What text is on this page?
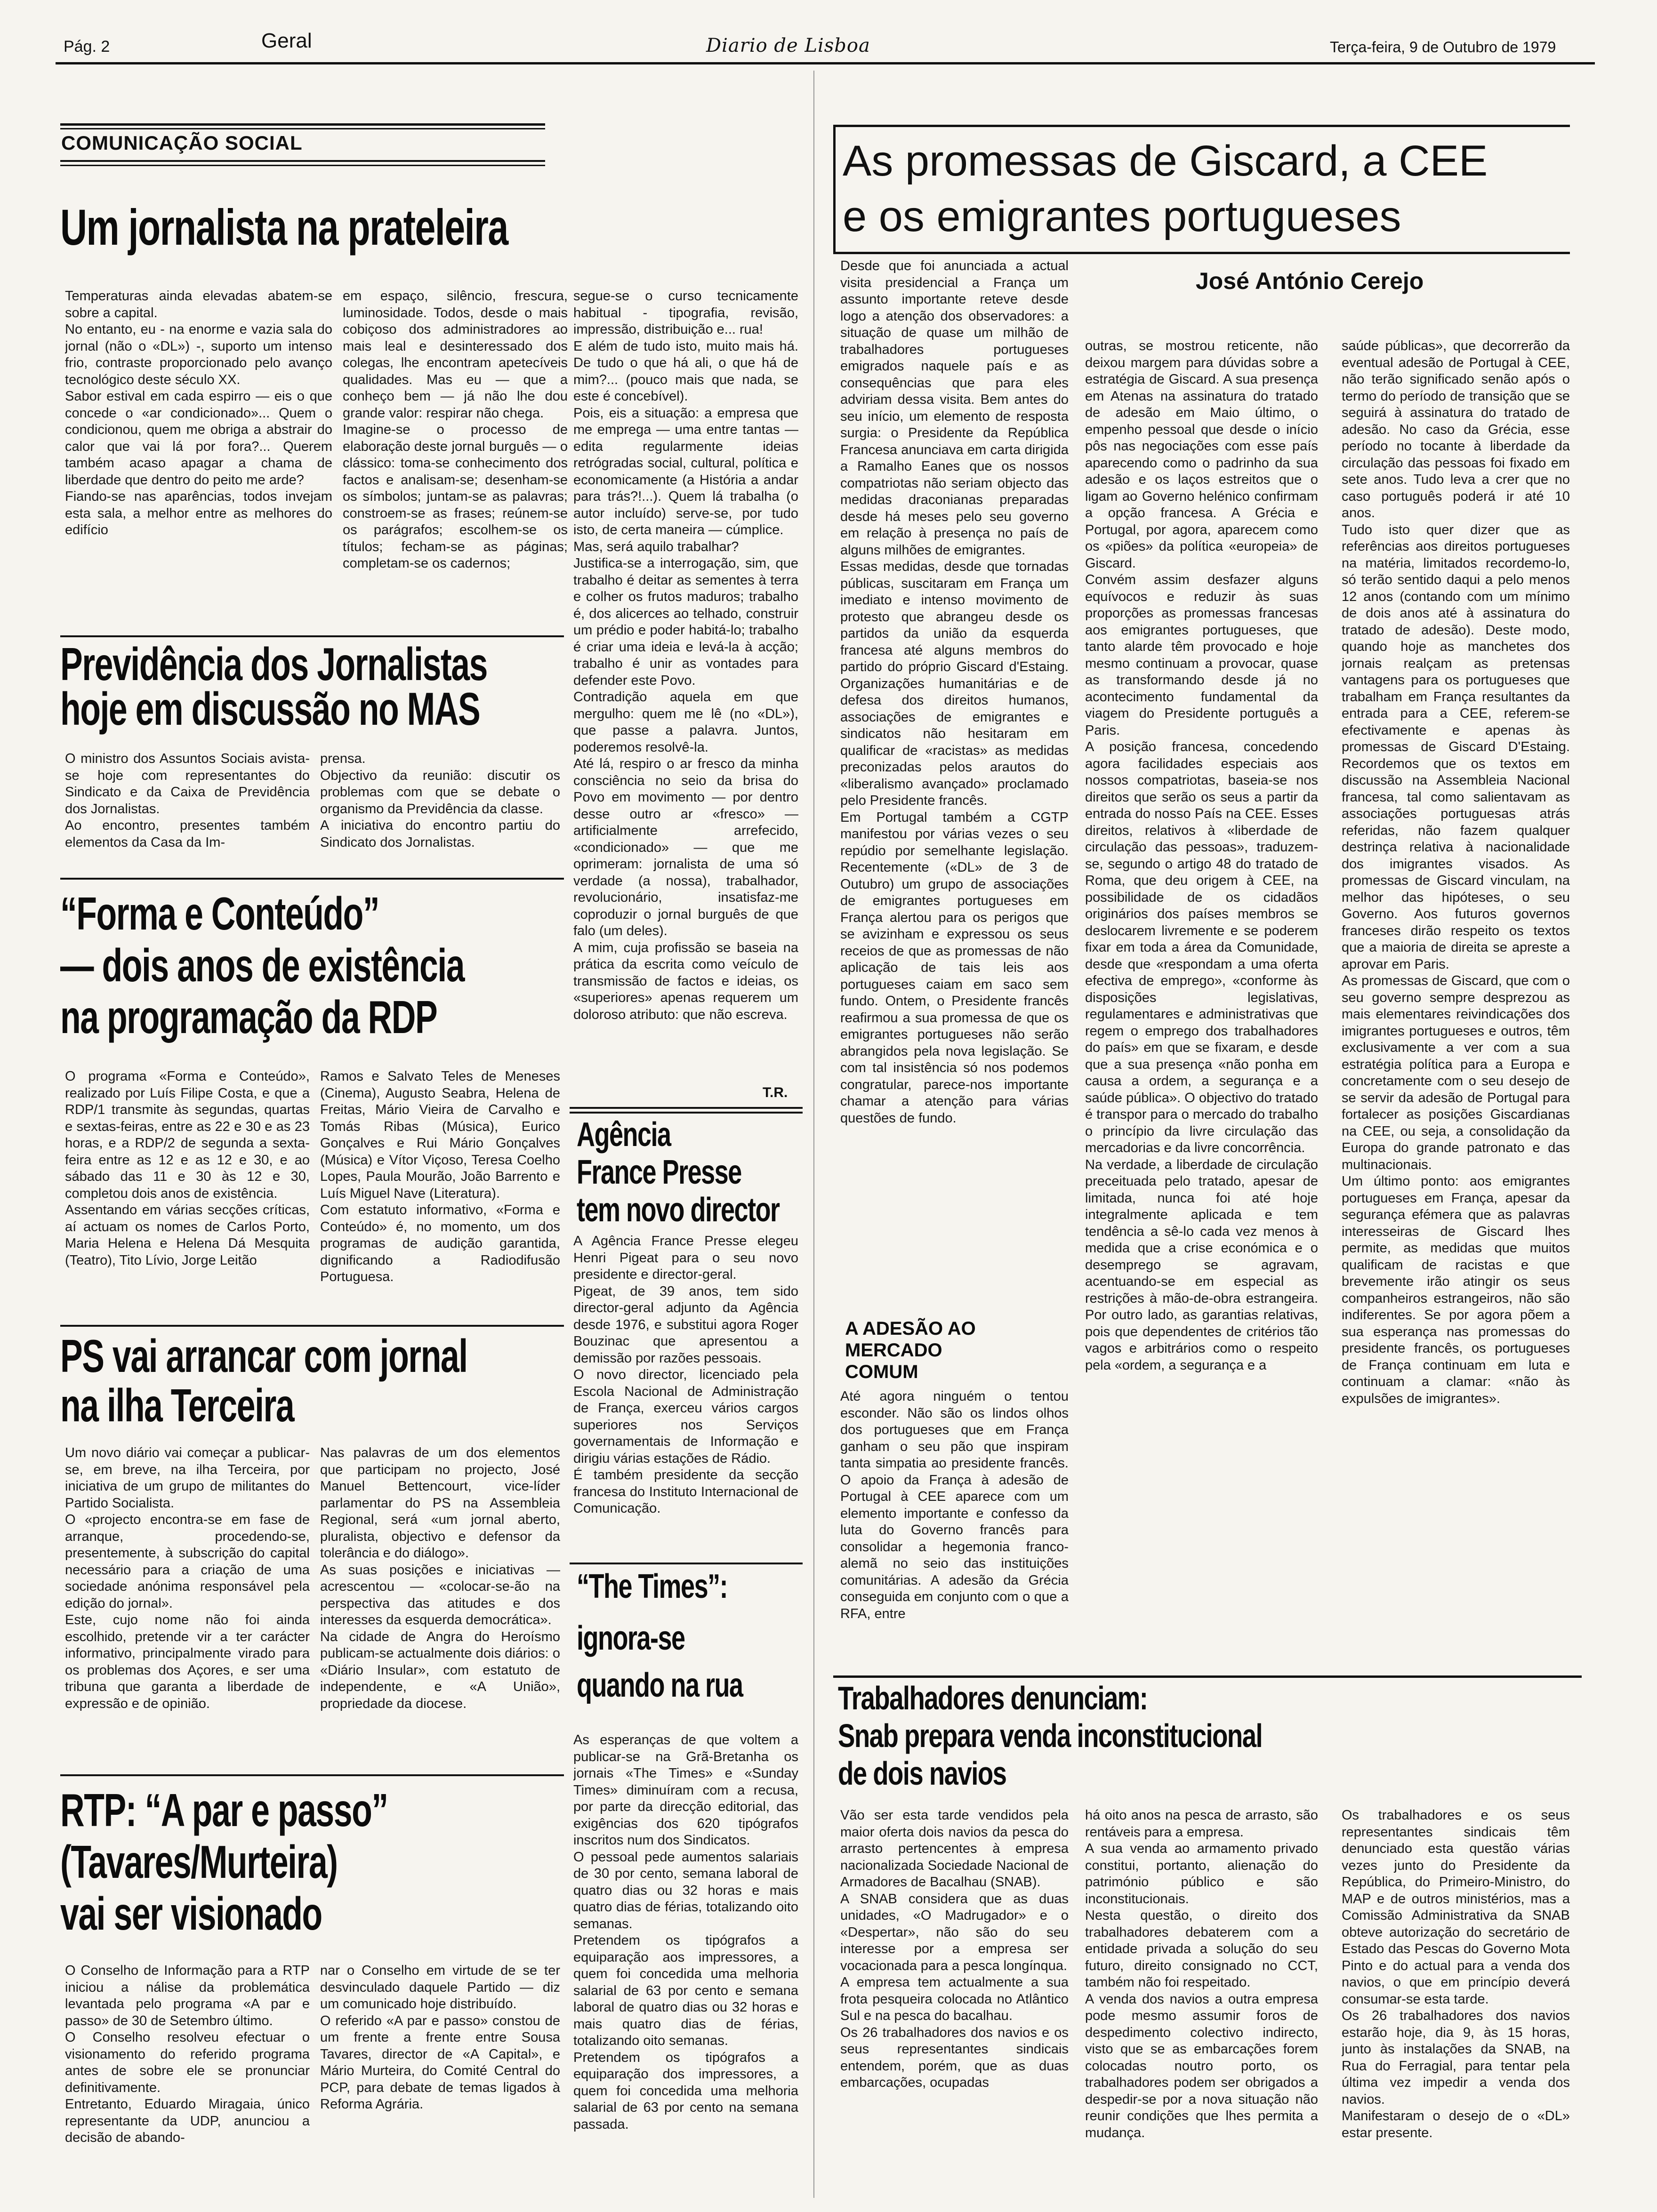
Pág. 2	Geral	Diario de Lisboa	Terça-feira, 9 de Outubro de 1979
COMUNICAÇÃO SOCIAL
Um jornalista na prateleira
Temperaturas ainda elevadas abatem-se sobre a capital.
No entanto, eu - na enorme e vazia sala do jornal (não o «DL») -, suporto um intenso frio, contraste proporcionado pelo avanço tecnológico deste século XX.
Sabor estival em cada espirro — eis o que concede o «ar condicionado»... Quem o condicionou, quem me obriga a abstrair do calor que vai lá por fora?... Querem também acaso apagar a chama de liberdade que dentro do peito me arde?
Fiando-se nas aparências, todos invejam esta sala, a melhor entre as melhores do edifício
em espaço, silêncio, frescura, luminosidade. Todos, desde o mais cobiçoso dos administradores ao mais leal e desinteressado dos colegas, lhe encontram apetecíveis qualidades. Mas eu — que a conheço bem — já não lhe dou grande valor: respirar não chega.
Imagine-se o processo de elaboração deste jornal burguês — o clássico: toma-se conhecimento dos factos e analisam-se; desenham-se os símbolos; juntam-se as palavras; constroem-se as frases; reúnem-se os parágrafos; escolhem-se os títulos; fecham-se as páginas; completam-se os cadernos;
segue-se o curso tecnicamente habitual - tipografia, revisão, impressão, distribuição e... rua!
E além de tudo isto, muito mais há. De tudo o que há ali, o que há de mim?... (pouco mais que nada, se este é concebível).
Pois, eis a situação: a empresa que me emprega — uma entre tantas — edita regularmente ideias retrógradas social, cultural, política e economicamente (a História a andar para trás?!...). Quem lá trabalha (o autor incluído) serve-se, por tudo isto, de certa maneira — cúmplice.
Mas, será aquilo trabalhar?
Justifica-se a interrogação, sim, que trabalho é deitar as sementes à terra e colher os frutos maduros; trabalho é, dos alicerces ao telhado, construir um prédio e poder habitá-lo; trabalho é criar uma ideia e levá-la à acção; trabalho é unir as vontades para defender este Povo.
Contradição aquela em que mergulho: quem me lê (no «DL»), que passe a palavra. Juntos, poderemos resolvê-la.
Até lá, respiro o ar fresco da minha consciência no seio da brisa do Povo em movimento — por dentro desse outro ar «fresco» — artificialmente arrefecido, «condicionado» — que me oprimeram: jornalista de uma só verdade (a nossa), trabalhador, revolucionário, insatisfaz-me coproduzir o jornal burguês de que falo (um deles).
A mim, cuja profissão se baseia na prática da escrita como veículo de transmissão de factos e ideias, os «superiores» apenas requerem um doloroso atributo: que não escreva.
T.R.
Previdência dos Jornalistas
hoje em discussão no MAS
O ministro dos Assuntos Sociais avista-se hoje com representantes do Sindicato e da Caixa de Previdência dos Jornalistas.
Ao encontro, presentes também elementos da Casa da Im-
prensa.
Objectivo da reunião: discutir os problemas com que se debate o organismo da Previdência da classe.
A iniciativa do encontro partiu do Sindicato dos Jornalistas.
“Forma e Conteúdo”
— dois anos de existência
na programação da RDP
O programa «Forma e Conteúdo», realizado por Luís Filipe Costa, e que a RDP/1 transmite às segundas, quartas e sextas-feiras, entre as 22 e 30 e as 23 horas, e a RDP/2 de segunda a sexta-feira entre as 12 e as 12 e 30, e ao sábado das 11 e 30 às 12 e 30, completou dois anos de existência.
Assentando em várias secções críticas, aí actuam os nomes de Carlos Porto, Maria Helena e Helena Dá Mesquita (Teatro), Tito Lívio, Jorge Leitão
Ramos e Salvato Teles de Meneses (Cinema), Augusto Seabra, Helena de Freitas, Mário Vieira de Carvalho e Tomás Ribas (Música), Eurico Gonçalves e Rui Mário Gonçalves (Música) e Vítor Viçoso, Teresa Coelho Lopes, Paula Mourão, João Barrento e Luís Miguel Nave (Literatura).
Com estatuto informativo, «Forma e Conteúdo» é, no momento, um dos programas de audição garantida, dignificando a Radiodifusão Portuguesa.
PS vai arrancar com jornal
na ilha Terceira
Um novo diário vai começar a publicar-se, em breve, na ilha Terceira, por iniciativa de um grupo de militantes do Partido Socialista.
O «projecto encontra-se em fase de arranque, procedendo-se, presentemente, à subscrição do capital necessário para a criação de uma sociedade anónima responsável pela edição do jornal».
Este, cujo nome não foi ainda escolhido, pretende vir a ter carácter informativo, principalmente virado para os problemas dos Açores, e ser uma tribuna que garanta a liberdade de expressão e de opinião.
Nas palavras de um dos elementos que participam no projecto, José Manuel Bettencourt, vice-líder parlamentar do PS na Assembleia Regional, será «um jornal aberto, pluralista, objectivo e defensor da tolerância e do diálogo».
As suas posições e iniciativas — acrescentou — «colocar-se-ão na perspectiva das atitudes e dos interesses da esquerda democrática».
Na cidade de Angra do Heroísmo publicam-se actualmente dois diários: o «Diário Insular», com estatuto de independente, e «A União», propriedade da diocese.
RTP: “A par e passo”
(Tavares/Murteira)
vai ser visionado
O Conselho de Informação para a RTP iniciou a nálise da problemática levantada pelo programa «A par e passo» de 30 de Setembro último.
O Conselho resolveu efectuar o visionamento do referido programa antes de sobre ele se pronunciar definitivamente.
Entretanto, Eduardo Miragaia, único representante da UDP, anunciou a decisão de abando-
nar o Conselho em virtude de se ter desvinculado daquele Partido — diz um comunicado hoje distribuído.
O referido «A par e passo» constou de um frente a frente entre Sousa Tavares, director de «A Capital», e Mário Murteira, do Comité Central do PCP, para debate de temas ligados à Reforma Agrária.
Agência
France Presse
tem novo director
A Agência France Presse elegeu Henri Pigeat para o seu novo presidente e director-geral.
Pigeat, de 39 anos, tem sido director-geral adjunto da Agência desde 1976, e substitui agora Roger Bouzinac que apresentou a demissão por razões pessoais.
O novo director, licenciado pela Escola Nacional de Administração de França, exerceu vários cargos superiores nos Serviços governamentais de Informação e dirigiu várias estações de Rádio.
É também presidente da secção francesa do Instituto Internacional de Comunicação.
“The Times”:
ignora-se
quando na rua
As esperanças de que voltem a publicar-se na Grã-Bretanha os jornais «The Times» e «Sunday Times» diminuíram com a recusa, por parte da direcção editorial, das exigências dos 620 tipógrafos inscritos num dos Sindicatos.
O pessoal pede aumentos salariais de 30 por cento, semana laboral de quatro dias ou 32 horas e mais quatro dias de férias, totalizando oito semanas.
Pretendem os tipógrafos a equiparação aos impressores, a quem foi concedida uma melhoria salarial de 63 por cento e semana laboral de quatro dias ou 32 horas e mais quatro dias de férias, totalizando oito semanas.
Pretendem os tipógrafos a equiparação dos impressores, a quem foi concedida uma melhoria salarial de 63 por cento na semana passada.
As promessas de Giscard, a CEE
e os emigrantes portugueses
José António Cerejo
Desde que foi anunciada a actual visita presidencial a França um assunto importante reteve desde logo a atenção dos observadores: a situação de quase um milhão de trabalhadores portugueses emigrados naquele país e as consequências que para eles adviriam dessa visita. Bem antes do seu início, um elemento de resposta surgia: o Presidente da República Francesa anunciava em carta dirigida a Ramalho Eanes que os nossos compatriotas não seriam objecto das medidas draconianas preparadas desde há meses pelo seu governo em relação à presença no país de alguns milhões de emigrantes.
Essas medidas, desde que tornadas públicas, suscitaram em França um imediato e intenso movimento de protesto que abrangeu desde os partidos da união da esquerda francesa até alguns membros do partido do próprio Giscard d'Estaing. Organizações humanitárias e de defesa dos direitos humanos, associações de emigrantes e sindicatos não hesitaram em qualificar de «racistas» as medidas preconizadas pelos arautos do «liberalismo avançado» proclamado pelo Presidente francês.
Em Portugal também a CGTP manifestou por várias vezes o seu repúdio por semelhante legislação. Recentemente («DL» de 3 de Outubro) um grupo de associações de emigrantes portugueses em França alertou para os perigos que se avizinham e expressou os seus receios de que as promessas de não aplicação de tais leis aos portugueses caiam em saco sem fundo. Ontem, o Presidente francês reafirmou a sua promessa de que os emigrantes portugueses não serão abrangidos pela nova legislação. Se com tal insistência só nos podemos congratular, parece-nos importante chamar a atenção para várias questões de fundo.
A ADESÃO AO MERCADO COMUM
Até agora ninguém o tentou esconder. Não são os lindos olhos dos portugueses que em França ganham o seu pão que inspiram tanta simpatia ao presidente francês. O apoio da França à adesão de Portugal à CEE aparece com um elemento importante e confesso da luta do Governo francês para consolidar a hegemonia franco-alemã no seio das instituições comunitárias. A adesão da Grécia conseguida em conjunto com o que a RFA, entre
outras, se mostrou reticente, não deixou margem para dúvidas sobre a estratégia de Giscard. A sua presença em Atenas na assinatura do tratado de adesão em Maio último, o empenho pessoal que desde o início pôs nas negociações com esse país aparecendo como o padrinho da sua adesão e os laços estreitos que o ligam ao Governo helénico confirmam a opção francesa. A Grécia e Portugal, por agora, aparecem como os «piões» da política «europeia» de Giscard.
Convém assim desfazer alguns equívocos e reduzir às suas proporções as promessas francesas aos emigrantes portugueses, que tanto alarde têm provocado e hoje mesmo continuam a provocar, quase as transformando desde já no acontecimento fundamental da viagem do Presidente português a Paris.
A posição francesa, concedendo agora facilidades especiais aos nossos compatriotas, baseia-se nos direitos que serão os seus a partir da entrada do nosso País na CEE. Esses direitos, relativos à «liberdade de circulação das pessoas», traduzem-se, segundo o artigo 48 do tratado de Roma, que deu origem à CEE, na possibilidade de os cidadãos originários dos países membros se deslocarem livremente e se poderem fixar em toda a área da Comunidade, desde que «respondam a uma oferta efectiva de emprego», «conforme às disposições legislativas, regulamentares e administrativas que regem o emprego dos trabalhadores do país» em que se fixaram, e desde que a sua presença «não ponha em causa a ordem, a segurança e a saúde pública». O objectivo do tratado é transpor para o mercado do trabalho o princípio da livre circulação das mercadorias e da livre concorrência.
Na verdade, a liberdade de circulação preceituada pelo tratado, apesar de limitada, nunca foi até hoje integralmente aplicada e tem tendência a sê-lo cada vez menos à medida que a crise económica e o desemprego se agravam, acentuando-se em especial as restrições à mão-de-obra estrangeira. Por outro lado, as garantias relativas, pois que dependentes de critérios tão vagos e arbitrários como o respeito pela «ordem, a segurança e a
saúde públicas», que decorrerão da eventual adesão de Portugal à CEE, não terão significado senão após o termo do período de transição que se seguirá à assinatura do tratado de adesão. No caso da Grécia, esse período no tocante à liberdade da circulação das pessoas foi fixado em sete anos. Tudo leva a crer que no caso português poderá ir até 10 anos.
Tudo isto quer dizer que as referências aos direitos portugueses na matéria, limitados recordemo-lo, só terão sentido daqui a pelo menos 12 anos (contando com um mínimo de dois anos até à assinatura do tratado de adesão). Deste modo, quando hoje as manchetes dos jornais realçam as pretensas vantagens para os portugueses que trabalham em França resultantes da entrada para a CEE, referem-se efectivamente e apenas às promessas de Giscard D'Estaing. Recordemos que os textos em discussão na Assembleia Nacional francesa, tal como salientavam as associações portuguesas atrás referidas, não fazem qualquer destrinça relativa à nacionalidade dos imigrantes visados. As promessas de Giscard vinculam, na melhor das hipóteses, o seu Governo. Aos futuros governos franceses dirão respeito os textos que a maioria de direita se apreste a aprovar em Paris.
As promessas de Giscard, que com o seu governo sempre desprezou as mais elementares reivindicações dos imigrantes portugueses e outros, têm exclusivamente a ver com a sua estratégia política para a Europa e concretamente com o seu desejo de se servir da adesão de Portugal para fortalecer as posições Giscardianas na CEE, ou seja, a consolidação da Europa do grande patronato e das multinacionais.
Um último ponto: aos emigrantes portugueses em França, apesar da segurança efémera que as palavras interesseiras de Giscard lhes permite, as medidas que muitos qualificam de racistas e que brevemente irão atingir os seus companheiros estrangeiros, não são indiferentes. Se por agora põem a sua esperança nas promessas do presidente francês, os portugueses de França continuam em luta e continuam a clamar: «não às expulsões de imigrantes».
Trabalhadores denunciam:
Snab prepara venda inconstitucional
de dois navios
Vão ser esta tarde vendidos pela maior oferta dois navios da pesca do arrasto pertencentes à empresa nacionalizada Sociedade Nacional de Armadores de Bacalhau (SNAB).
A SNAB considera que as duas unidades, «O Madrugador» e o «Despertar», não são do seu interesse por a empresa ser vocacionada para a pesca longínqua.
A empresa tem actualmente a sua frota pesqueira colocada no Atlântico Sul e na pesca do bacalhau.
Os 26 trabalhadores dos navios e os seus representantes sindicais entendem, porém, que as duas embarcações, ocupadas
há oito anos na pesca de arrasto, são rentáveis para a empresa.
A sua venda ao armamento privado constitui, portanto, alienação do património público e são inconstitucionais.
Nesta questão, o direito dos trabalhadores debaterem com a entidade privada a solução do seu futuro, direito consignado no CCT, também não foi respeitado.
A venda dos navios a outra empresa pode mesmo assumir foros de despedimento colectivo indirecto, visto que se as embarcações forem colocadas noutro porto, os trabalhadores podem ser obrigados a despedir-se por a nova situação não reunir condições que lhes permita a mudança.
Os trabalhadores e os seus representantes sindicais têm denunciado esta questão várias vezes junto do Presidente da República, do Primeiro-Ministro, do MAP e de outros ministérios, mas a Comissão Administrativa da SNAB obteve autorização do secretário de Estado das Pescas do Governo Mota Pinto e do actual para a venda dos navios, o que em princípio deverá consumar-se esta tarde.
Os 26 trabalhadores dos navios estarão hoje, dia 9, às 15 horas, junto às instalações da SNAB, na Rua do Ferragial, para tentar pela última vez impedir a venda dos navios.
Manifestaram o desejo de o «DL» estar presente.
